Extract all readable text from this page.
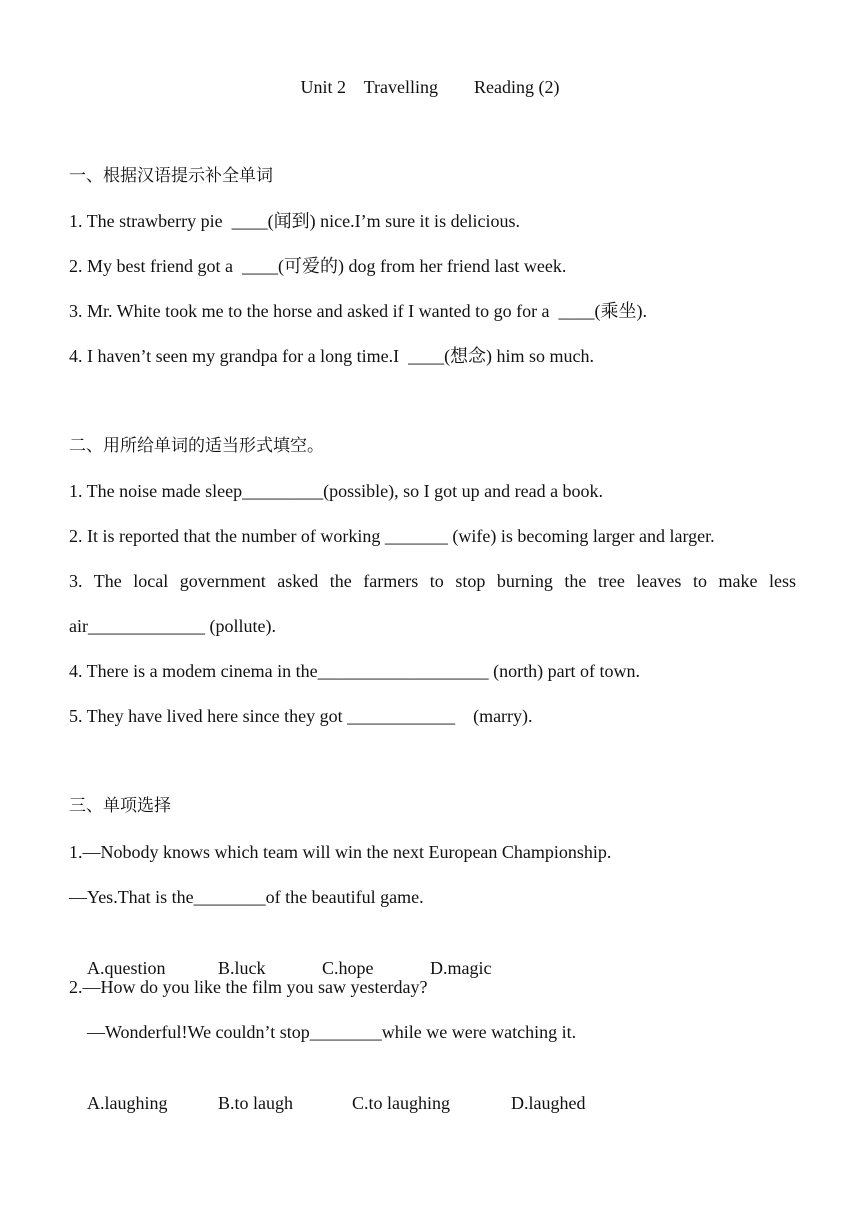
Unit 2    Travelling        Reading (2)
一、根据汉语提示补全单词
1. The strawberry pie  ____(闻到) nice.I’m sure it is delicious.
2. My best friend got a  ____(可爱的) dog from her friend last week.
3. Mr. White took me to the horse and asked if I wanted to go for a  ____(乘坐).
4. I haven’t seen my grandpa for a long time.I  ____(想念) him so much.
二、用所给单词的适当形式填空。
1. The noise made sleep_________(possible), so I got up and read a book.
2. It is reported that the number of working _______ (wife) is becoming larger and larger.
3. The local government asked the farmers to stop burning the tree leaves to make less
air_____________ (pollute).
4. There is a modem cinema in the___________________ (north) part of town.
5. They have lived here since they got ____________    (marry).
三、单项选择
1.—Nobody knows which team will win the next European Championship.
—Yes.That is the________of the beautiful game.

A.question	B.luck	C.hope	D.magic

2.—How do you like the film you saw yesterday?
—Wonderful!We couldn’t stop________while we were watching it.

A.laughing	B.to laugh	C.to laughing	D.laughed
